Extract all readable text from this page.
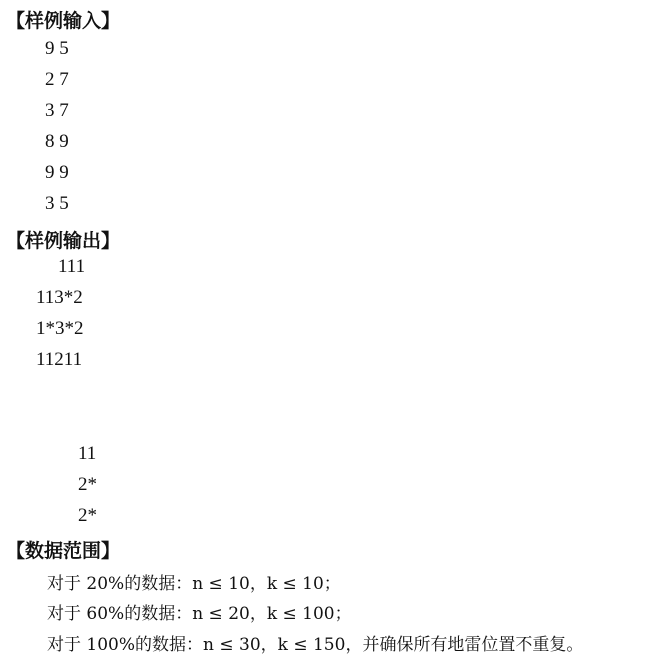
【样例输入】
9 5
2 7
3 7
8 9
9 9
3 5
【样例输出】
111
113*2
1*3*2
11211
11
2*
2*
【数据范围】
对于 20%的数据：n ≤ 10，k ≤ 10；
对于 60%的数据：n ≤ 20，k ≤ 100；
对于 100%的数据：n ≤ 30，k ≤ 150，并确保所有地雷位置不重复。
